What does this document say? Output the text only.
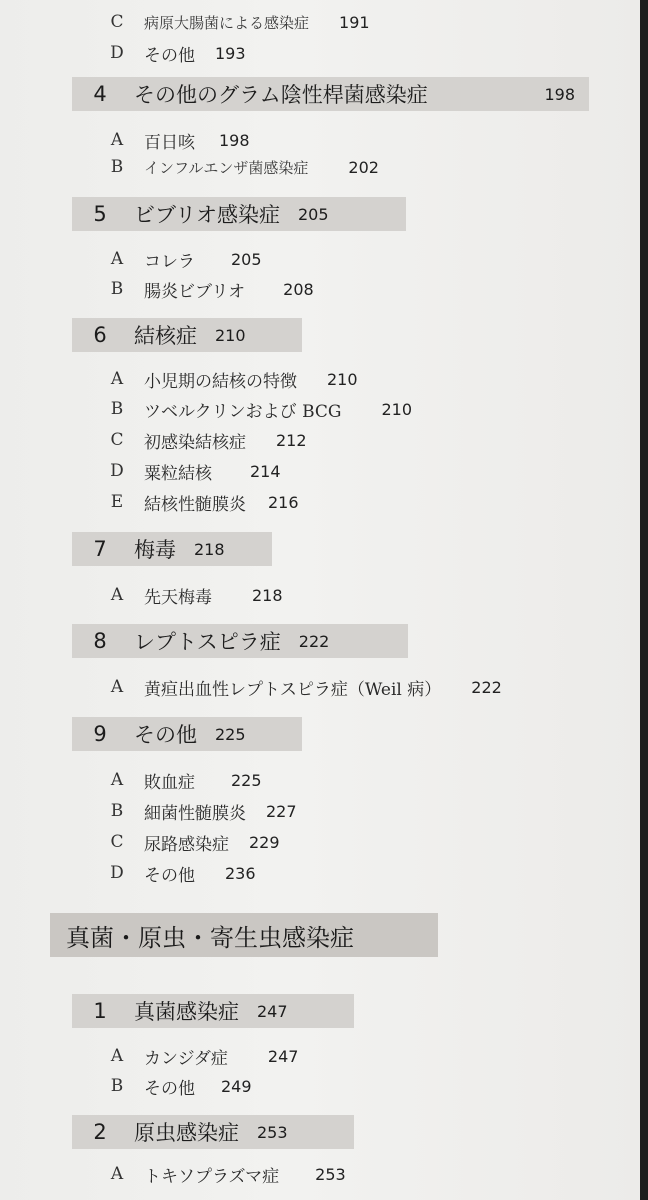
C	病原大腸菌による感染症 191
D その他 193
4 その他のグラム陰性桿菌感染症	198
A 百日咳 198
B	インフルエンザ菌感染症	202
5 ビブリオ感染症 205
A コレラ 205
B 腸炎ビブリオ 208
6 結核症 210
A 小児期の結核の特徴 210
B ツベルクリンおよび BCG	210
C 初感染結核症 212
D 粟粒結核 214
E 結核性髄膜炎 216
7 梅毒 218
A 先天梅毒	218
8 レプトスピラ症 222
A 黄疸出血性レプトスピラ症（Weil 病） 222
9 その他 225
A 敗血症 225
B 細菌性髄膜炎 227
C 尿路感染症 229
D その他 236
真菌・原虫・寄生虫感染症
1 真菌感染症 247
A カンジダ症	247
B その他 249
2 原虫感染症 253
A トキソプラズマ症 253
